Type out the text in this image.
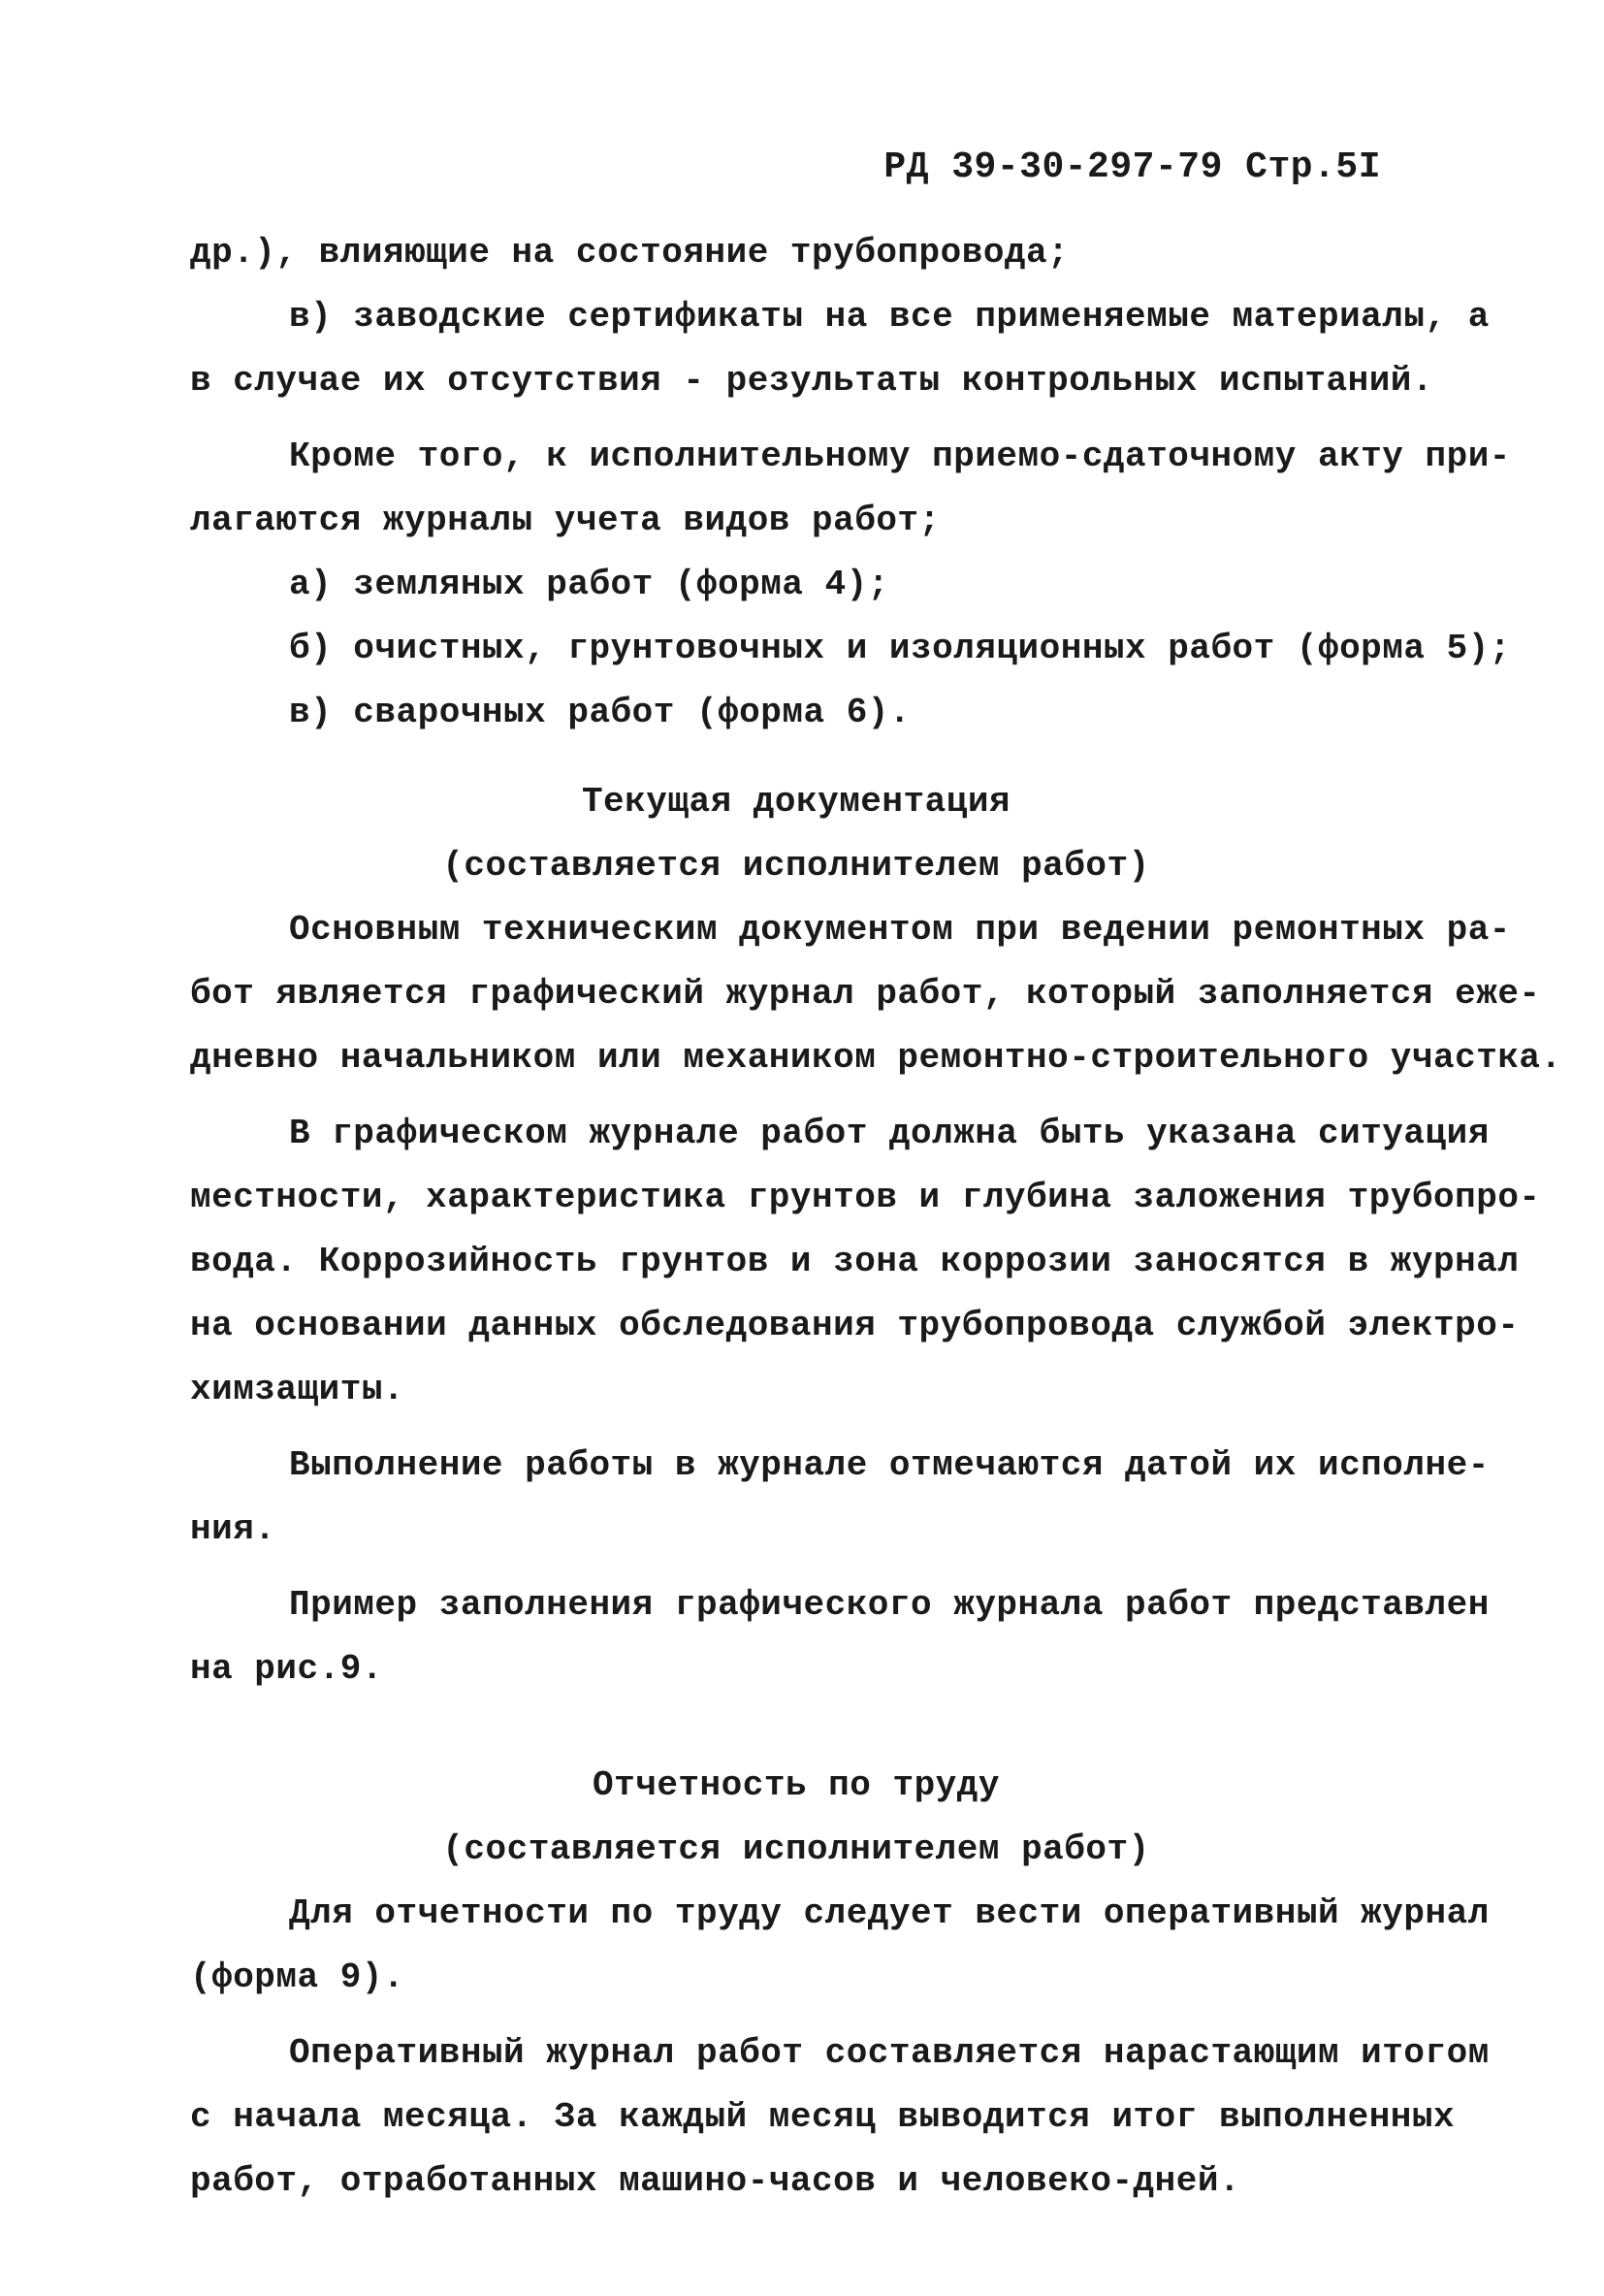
РД 39-30-297-79 Стр.5I
др.), влияющие на состояние трубопровода;
в) заводские сертификаты на все применяемые материалы, а
в случае их отсутствия - результаты контрольных испытаний.
Кроме того, к исполнительному приемо-сдаточному акту при-
лагаются журналы учета видов работ;
а) земляных работ (форма 4);
б) очистных, грунтовочных и изоляционных работ (форма 5);
в) сварочных работ (форма 6).
Текущая документация
(составляется исполнителем работ)
Основным техническим документом при ведении ремонтных ра-
бот является графический журнал работ, который заполняется еже-
дневно начальником или механиком ремонтно-строительного участка.
В графическом журнале работ должна быть указана ситуация
местности, характеристика грунтов и глубина заложения трубопро-
вода. Коррозийность грунтов и зона коррозии заносятся в журнал
на основании данных обследования трубопровода службой электро-
химзащиты.
Выполнение работы в журнале отмечаются датой их исполне-
ния.
Пример заполнения графического журнала работ представлен
на рис.9.
Отчетность по труду
(составляется исполнителем работ)
Для отчетности по труду следует вести оперативный журнал
(форма 9).
Оперативный журнал работ составляется нарастающим итогом
с начала месяца. За каждый месяц выводится итог выполненных
работ, отработанных машино-часов и человеко-дней.
